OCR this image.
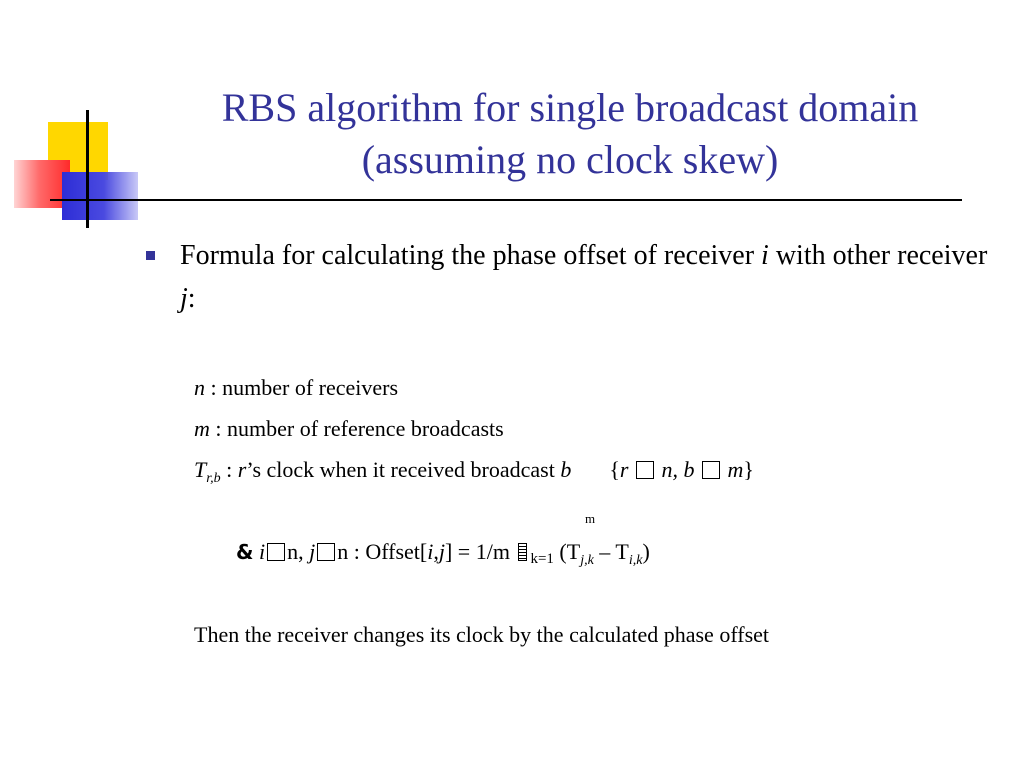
RBS algorithm for single broadcast domain
(assuming no clock skew)
Formula for calculating the phase offset of receiver i with other receiver j:
n : number of receivers
m : number of reference broadcasts
$T_{r,b}$ : r’s clock when it received broadcast b {r  n, b  m}
m
& i n, j n : Offset[i,j] = 1/m k=1 $(T_{j,k} - T_{i,k})$
Then the receiver changes its clock by the calculated phase offset
